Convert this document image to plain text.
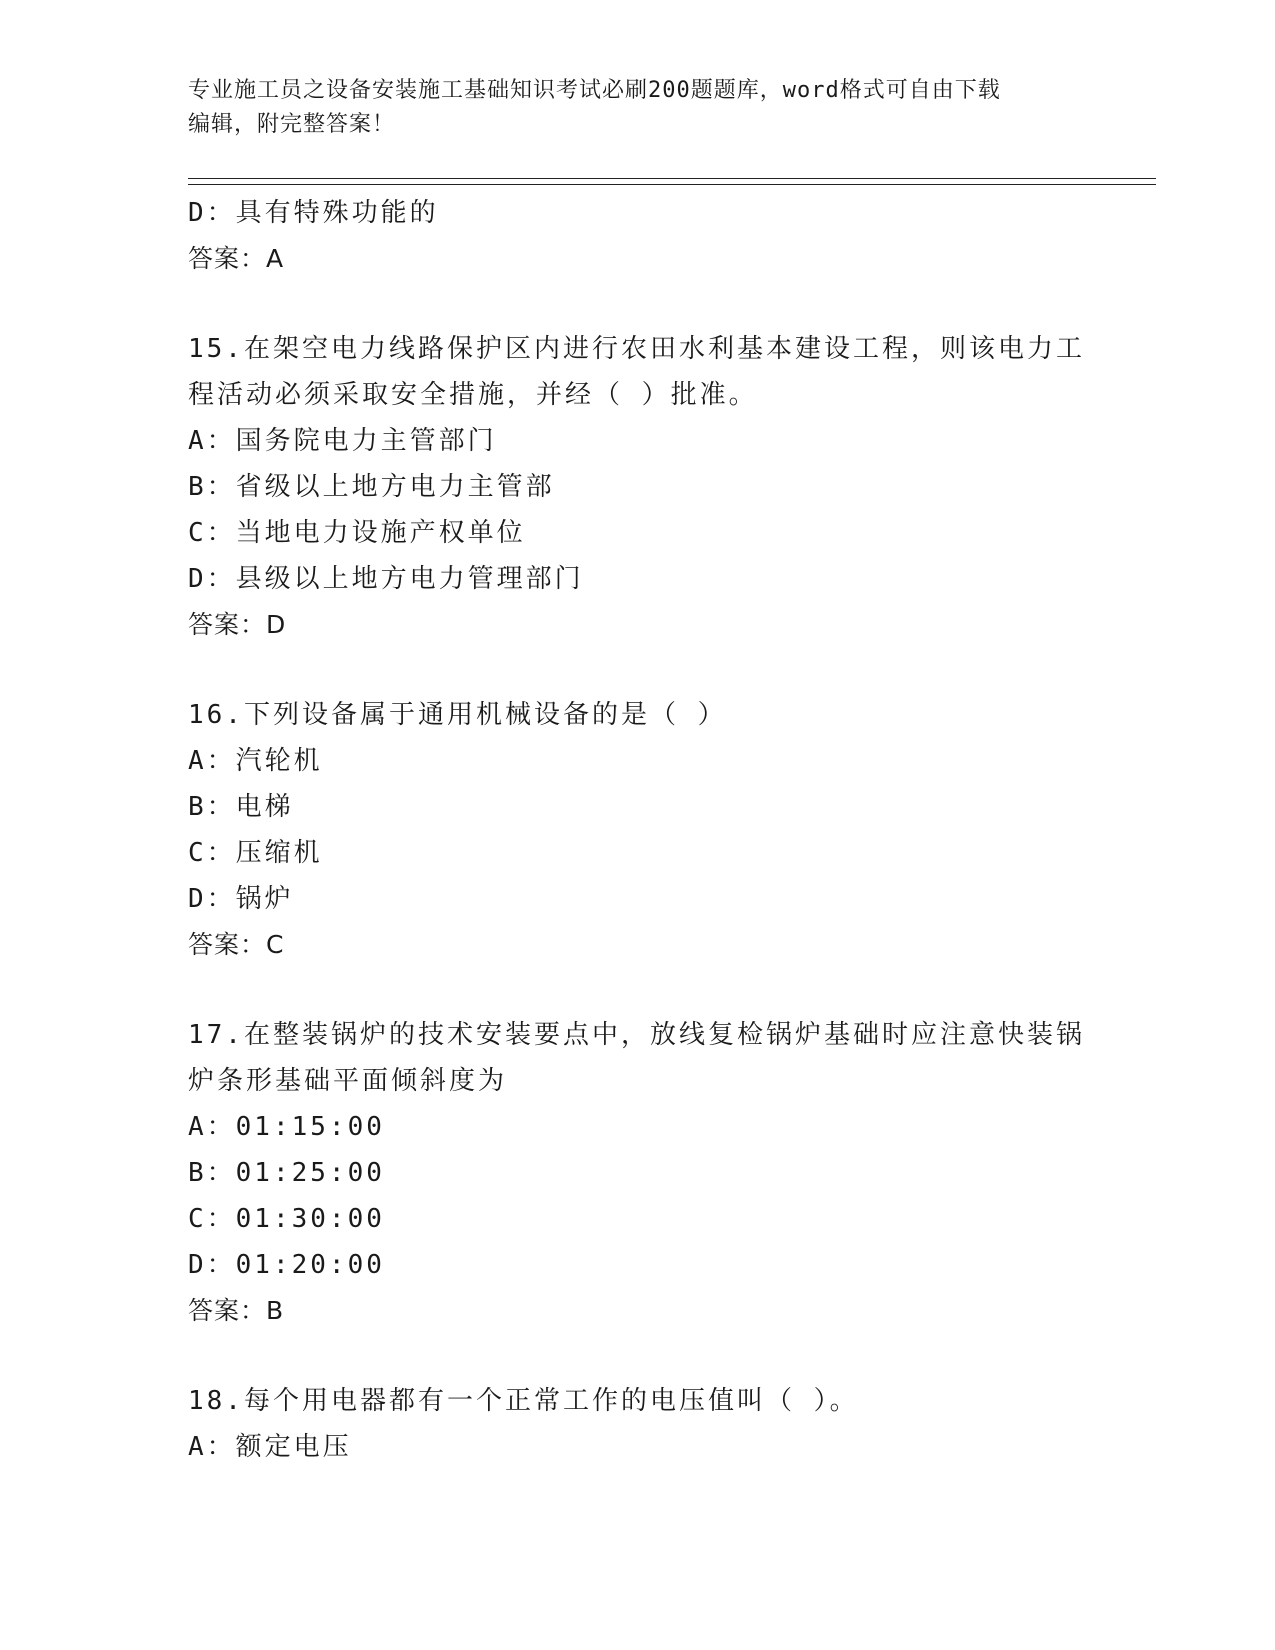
专业施工员之设备安装施工基础知识考试必刷200题题库，word格式可自由下载
编辑，附完整答案！
D：具有特殊功能的
答案：A
15.在架空电力线路保护区内进行农田水利基本建设工程，则该电力工
程活动必须采取安全措施，并经（ ）批准。
A：国务院电力主管部门
B：省级以上地方电力主管部
C：当地电力设施产权单位
D：县级以上地方电力管理部门
答案：D
16.下列设备属于通用机械设备的是（ ）
A：汽轮机
B：电梯
C：压缩机
D：锅炉
答案：C
17.在整装锅炉的技术安装要点中，放线复检锅炉基础时应注意快装锅
炉条形基础平面倾斜度为
A：01:15:00
B：01:25:00
C：01:30:00
D：01:20:00
答案：B
18.每个用电器都有一个正常工作的电压值叫（ ）。
A：额定电压
